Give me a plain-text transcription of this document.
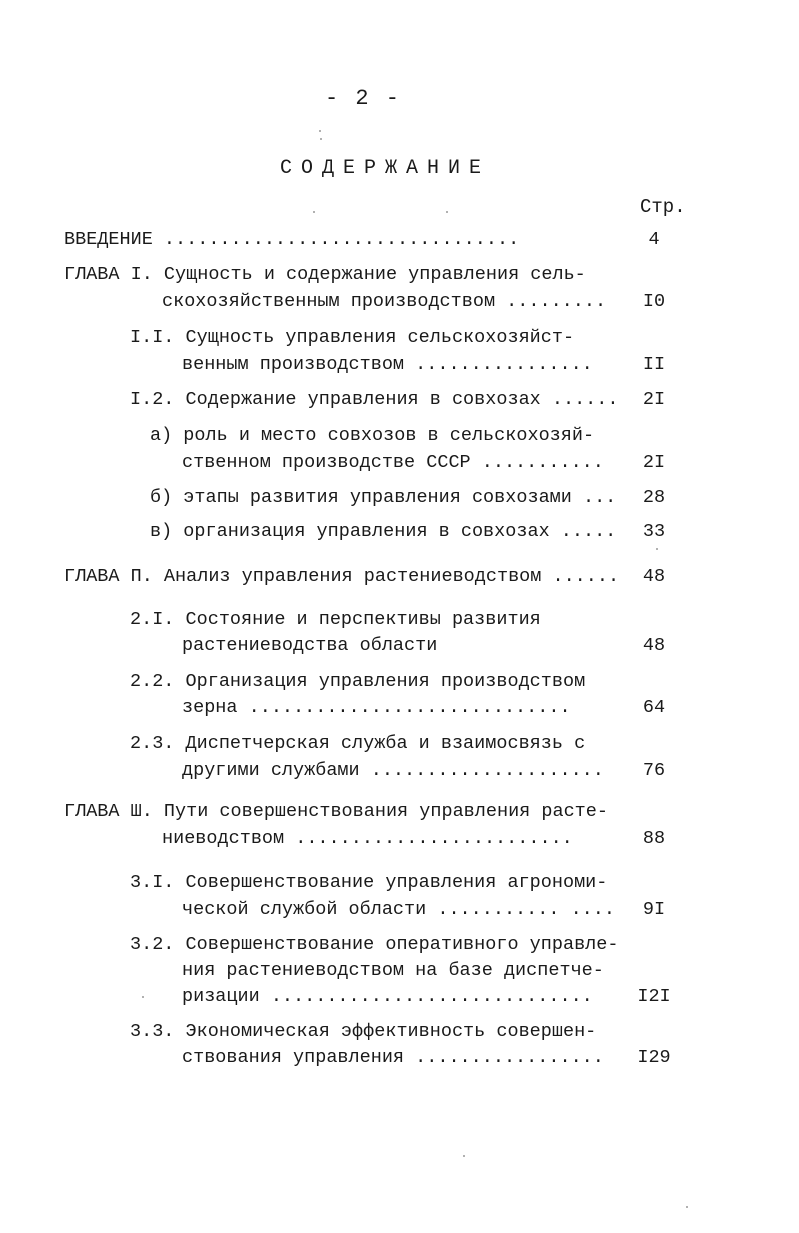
- 2 -
СОДЕРЖАНИЕ
Стр.
ВВЕДЕНИЕ ................................	4
ГЛАВА I. Сущность и содержание управления сель-
скохозяйственным производством .........	I0
I.I. Сущность управления сельскохозяйст-
венным производством ................	II
I.2. Содержание управления в совхозах ......	2I
а) роль и место совхозов в сельскохозяй-
ственном производстве СССР ...........	2I
б) этапы развития управления совхозами ...	28
в) организация управления в совхозах .....	33
ГЛАВА П. Анализ управления растениеводством ......	48
2.I. Состояние и перспективы развития
растениеводства области	48
2.2. Организация управления производством
зерна .............................	64
2.3. Диспетчерская служба и взаимосвязь с
другими службами .....................	76
ГЛАВА Ш. Пути совершенствования управления расте-
ниеводством .........................	88
3.I. Совершенствование управления агрономи-
ческой службой области ........... ....	9I
3.2. Совершенствование оперативного управле-
ния растениеводством на базе диспетче-
ризации .............................	I2I
3.3. Экономическая эффективность совершен-
ствования управления .................	I29
